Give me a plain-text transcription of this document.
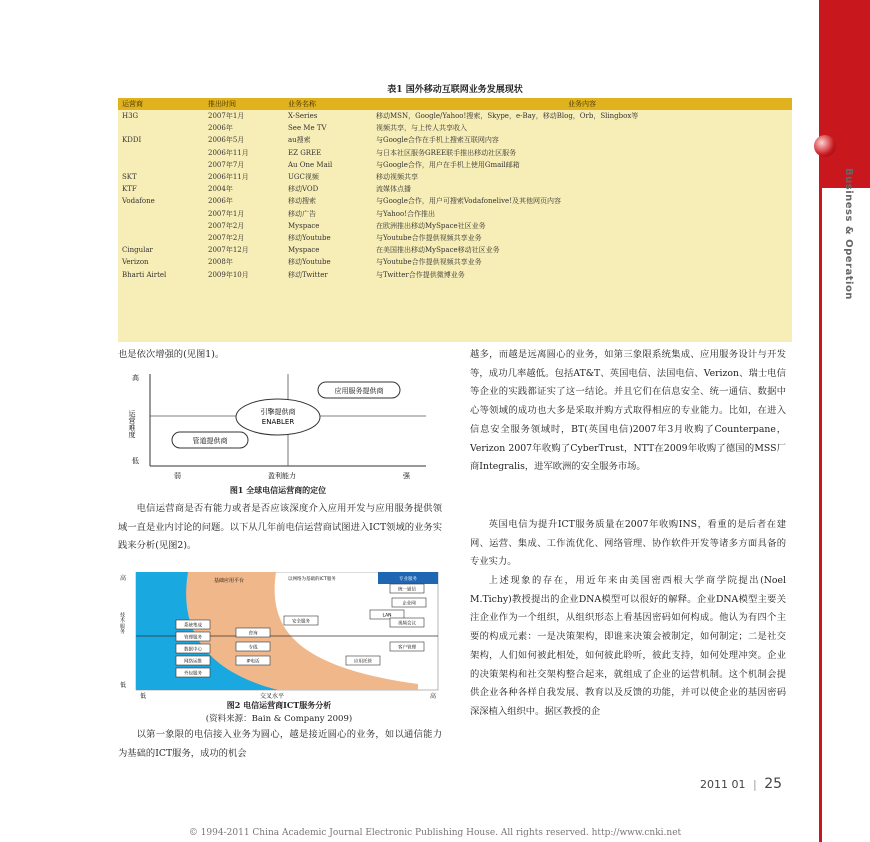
Business & Operation
表1 国外移动互联网业务发展现状
运营商	推出时间	业务名称	业务内容
H3G	2007年1月	X-Series	移动MSN，Google/Yahoo!搜索，Skype，e-Bay，移动Blog，Orb，Slingbox等
	2006年	See Me TV	视频共享，与上传人共享收入
KDDI	2006年5月	au搜索	与Google合作在手机上搜索互联网内容
	2006年11月	EZ GREE	与日本社区服务GREE联手推出移动社区服务
	2007年7月	Au One Mail	与Google合作，用户在手机上使用Gmail邮箱
SKT	2006年11月	UGC视频	移动视频共享
KTF	2004年	移动VOD	流媒体点播
Vodafone	2006年	移动搜索	与Google合作，用户可搜索Vodafonelive!及其他网页内容
	2007年1月	移动广告	与Yahoo!合作推出
	2007年2月	Myspace	在欧洲推出移动MySpace社区业务
	2007年2月	移动Youtube	与Youtube合作提供视频共享业务
Cingular	2007年12月	Myspace	在美国推出移动MySpace移动社区业务
Verizon	2008年	移动Youtube	与Youtube合作提供视频共享业务
Bharti Airtel	2009年10月	移动Twitter	与Twitter合作提供微博业务
也是依次增强的(见图1)。
高
低
运营难度
弱	盈利能力	强
应用服务提供商
引擎提供商
ENABLER
管道提供商
图1 全球电信运营商的定位
电信运营商是否有能力或者是否应该深度介入应用开发与应用服务提供领域一直是业内讨论的问题。以下从几年前电信运营商试图进入ICT领域的业务实践来分析(见图2)。
高
低
技术·服务
低	交叉水平	高
基础应用平台	以网络为基础的ICT服务	专业服务
系统集成
管理服务
数据中心
网络运维
外包服务
咨询
专线
IP电话
安全服务
应用托管
LAN
企业网
统一通信
视频会议
客户管理
图2 电信运营商ICT服务分析
(资料来源：Bain & Company 2009)
以第一象限的电信接入业务为圆心，越是接近圆心的业务，如以通信能力为基础的ICT服务，成功的机会
越多，而越是远离圆心的业务，如第三象限系统集成、应用服务设计与开发等，成功几率越低。包括AT&T、英国电信、法国电信、Verizon、瑞士电信等企业的实践都证实了这一结论。并且它们在信息安全、统一通信、数据中心等领域的成功也大多是采取并购方式取得相应的专业能力。比如，在进入信息安全服务领域时，BT(英国电信)2007年3月收购了Counterpane，Verizon 2007年收购了CyberTrust，NTT在2009年收购了德国的MSS厂商Integralis，进军欧洲的安全服务市场。
英国电信为提升ICT服务质量在2007年收购INS，看重的是后者在建网、运营、集成、工作流优化、网络管理、协作软件开发等诸多方面具备的专业实力。
上述现象的存在，用近年来由美国密西根大学商学院提出(Noel M.Tichy)教授提出的企业DNA模型可以很好的解释。企业DNA模型主要关注企业作为一个组织，从组织形态上看基因密码如何构成。他认为有四个主要的构成元素：一是决策架构，即谁来决策会被制定，如何制定；二是社交架构，人们如何被此相处，如何彼此聆听，彼此支持，如何处理冲突。企业的决策架构和社交架构整合起来，就组成了企业的运营机制。这个机制会提供企业各种各样自我发展、教育以及反馈的功能，并可以使企业的基因密码深深植入组织中。据区教授的企
2011 01 | 25
© 1994-2011 China Academic Journal Electronic Publishing House. All rights reserved. http://www.cnki.net
